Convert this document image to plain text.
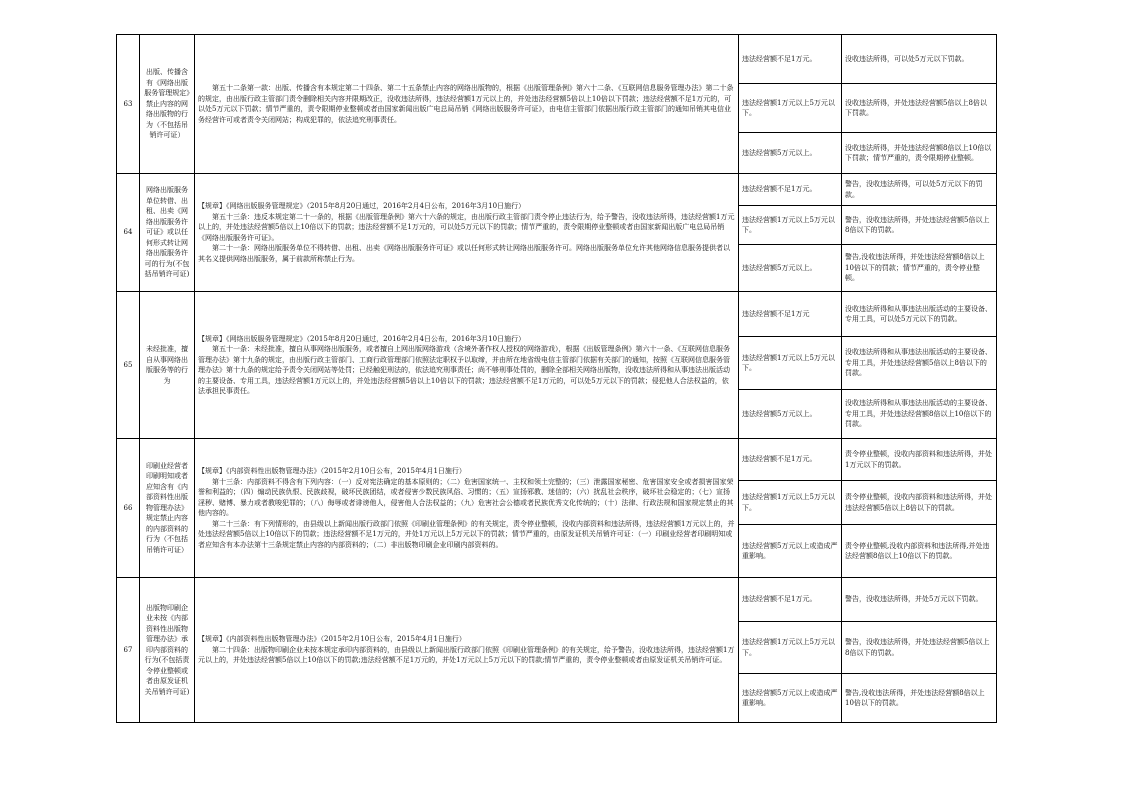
63	出版、传播含有《网络出版服务管理规定》禁止内容的网络出版物的行为（不包括吊销许可证）	　　第五十二条第一款：出版、传播含有本规定第二十四条、第二十五条禁止内容的网络出版物的，根据《出版管理条例》第六十二条、《互联网信息服务管理办法》第二十条的规定，由出版行政主管部门责令删除相关内容并限期改正，没收违法所得，违法经营额1万元以上的，并处违法经营额5倍以上10倍以下罚款；违法经营额不足1万元的，可以处5万元以下罚款；情节严重的，责令限期停业整顿或者由国家新闻出版广电总局吊销《网络出版服务许可证》，由电信主管部门依据出版行政主管部门的通知吊销其电信业务经营许可或者责令关闭网站；构成犯罪的，依法追究刑事责任。	违法经营额不足1万元。	没收违法所得，可以处5万元以下罚款。
			违法经营额1万元以上5万元以下。	没收违法所得，并处违法经营额5倍以上8倍以下罚款。
			违法经营额5万元以上。	没收违法所得，并处违法经营额8倍以上10倍以下罚款；情节严重的，责令限期停业整顿。
64	网络出版服务单位转借、出租、出卖《网络出版服务许可证》或以任何形式转让网络出版服务许可的行为(不包括吊销许可证)	【规章】《网络出版服务管理规定》（2015年8月20日通过，2016年2月4日公布，2016年3月10日施行）

　　第五十三条：违反本规定第二十一条的，根据《出版管理条例》第六十六条的规定，由出版行政主管部门责令停止违法行为，给予警告，没收违法所得，违法经营额1万元以上的，并处违法经营额5倍以上10倍以下的罚款；违法经营额不足1万元的，可以处5万元以下的罚款；情节严重的，责令限期停业整顿或者由国家新闻出版广电总局吊销《网络出版服务许可证》。

　　第二十一条：网络出版服务单位不得转借、出租、出卖《网络出版服务许可证》或以任何形式转让网络出版服务许可。网络出版服务单位允许其他网络信息服务提供者以其名义提供网络出版服务，属于前款所称禁止行为。	违法经营额不足1万元。	警告，没收违法所得，可以处5万元以下的罚款。
			违法经营额1万元以上5万元以下。	警告，没收违法所得，并处违法经营额5倍以上8倍以下的罚款。
			违法经营额5万元以上。	警告,没收违法所得，并处违法经营额8倍以上10倍以下的罚款；情节严重的，责令停业整顿。
65	未经批准，擅自从事网络出版服务等的行为	【规章】《网络出版服务管理规定》（2015年8月20日通过，2016年2月4日公布，2016年3月10日施行）

　　第五十一条：未经批准，擅自从事网络出版服务，或者擅自上网出版网络游戏（含境外著作权人授权的网络游戏），根据《出版管理条例》第六十一条、《互联网信息服务管理办法》第十九条的规定，由出版行政主管部门、工商行政管理部门依照法定职权予以取缔，并由所在地省级电信主管部门依据有关部门的通知，按照《互联网信息服务管理办法》第十九条的规定给予责令关闭网站等处罚；已经触犯刑法的，依法追究刑事责任；尚不够刑事处罚的，删除全部相关网络出版物，没收违法所得和从事违法出版活动的主要设备、专用工具，违法经营额1万元以上的，并处违法经营额5倍以上10倍以下的罚款；违法经营额不足1万元的，可以处5万元以下的罚款；侵犯他人合法权益的，依法承担民事责任。	违法经营额不足1万元	没收违法所得和从事违法出版活动的主要设备、专用工具，可以处5万元以下的罚款。
			违法经营额1万元以上5万元以下。	没收违法所得和从事违法出版活动的主要设备、专用工具，并处违法经营额5倍以上8倍以下的罚款。
			违法经营额5万元以上。	没收违法所得和从事违法出版活动的主要设备、专用工具，并处违法经营额8倍以上10倍以下的罚款。
66	印刷业经营者印刷明知或者应知含有《内部资料性出版物管理办法》规定禁止内容的内部资料的行为（不包括吊销许可证）	【规章】《内部资料性出版物管理办法》（2015年2月10日公布，2015年4月1日施行）

　　第十三条：内部资料不得含有下列内容：（一）反对宪法确定的基本原则的；（二）危害国家统一、主权和领土完整的；（三）泄露国家秘密、危害国家安全或者损害国家荣誉和利益的；（四）煽动民族仇恨、民族歧视，破坏民族团结，或者侵害少数民族风俗、习惯的；（五）宣扬邪教、迷信的；（六）扰乱社会秩序，破坏社会稳定的；（七）宣扬淫秽、赌博、暴力或者教唆犯罪的；（八）侮辱或者诽谤他人，侵害他人合法权益的；（九）危害社会公德或者民族优秀文化传统的；（十）法律、行政法规和国家规定禁止的其他内容的。

　　第二十三条：有下列情形的，由县级以上新闻出版行政部门依照《印刷业管理条例》的有关规定，责令停业整顿，没收内部资料和违法所得，违法经营额1万元以上的，并处违法经营额5倍以上10倍以下的罚款；违法经营额不足1万元的，并处1万元以上5万元以下的罚款；情节严重的，由原发证机关吊销许可证：（一）印刷业经营者印刷明知或者应知含有本办法第十三条规定禁止内容的内部资料的；（二）非出版物印刷企业印刷内部资料的。	违法经营额不足1万元。	责令停业整顿，没收内部资料和违法所得，并处1万元以下的罚款。
			违法经营额1万元以上5万元以下。	责令停业整顿，没收内部资料和违法所得，并处违法经营额5倍以上8倍以下的罚款。
			违法经营额5万元以上或造成严重影响。	责令停业整顿,没收内部资料和违法所得,并处违法经营额8倍以上10倍以下的罚款。
67	出版物印刷企业未按《内部资料性出版物管理办法》承印内部资料的行为(不包括责令停业整顿或者由原发证机关吊销许可证)	【规章】《内部资料性出版物管理办法》（2015年2月10日公布，2015年4月1日施行）

　　第二十四条：出版物印刷企业未按本规定承印内部资料的，由县级以上新闻出版行政部门依照《印刷业管理条例》的有关规定，给予警告，没收违法所得，违法经营额1万元以上的，并处违法经营额5倍以上10倍以下的罚款;违法经营额不足1万元的，并处1万元以上5万元以下的罚款;情节严重的，责令停业整顿或者由原发证机关吊销许可证。	违法经营额不足1万元。	警告，没收违法所得，并处5万元以下罚款。
			违法经营额1万元以上5万元以下。	警告，没收违法所得，并处违法经营额5倍以上8倍以下的罚款。
			违法经营额5万元以上或造成严重影响。	警告,没收违法所得，并处违法经营额8倍以上10倍以下的罚款。
